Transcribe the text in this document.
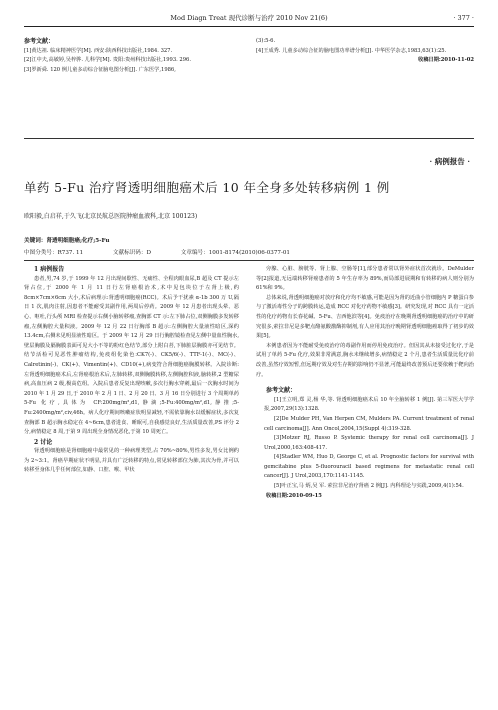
Mod Diagn Treat 现代诊断与治疗 2010 Nov 21(6)	· 377 ·

参考文献：

[1]黄达祖. 临床精神医学[M]. 西安:陕西科技出版社,1984. 327.

[2]江中夫,高敏婷,吴梓骅. 儿科学[M]. 贵阳:贵州科技出版社,1993. 296.

[3]罗新舜. 120 例儿童多动综合征脑电图分析[J]. 广东医学,1986,

(3):5-6.

[4]王成秀. 儿童多动综合征的脑电图功率谱分析[J]. 中华医学杂志,1983,63(1):25.

收稿日期:2010-11-02

· 病例报告 ·
单药 5-Fu 治疗肾透明细胞癌术后 10 年全身多处转移病例 1 例
欧阳毅,白启祥,于久飞(北京民航总医院肿瘤血液科,北京 100123)
关键词：肾透明细胞癌;化疗;5-Fu
中图分类号：R737. 11	文献标识码：D	文章编号：1001-8174(2010)06-0377-01

1 病例报告

患者,男,74 岁,于 1999 年 12 月出现间歇性、无痛性、全程肉眼血尿,B 超及 CT 提示左肾占位,于 2000 年 1 月 11 日行左肾癌根治术,术中见包块位于左肾上极,约 8cm×7cm×6cm 大小,术后病理示:肾透明细胞癌(RCC)。术后予干扰素 α-1b 300 万 U,隔日 1 次,肌肉注射,因患者不能耐受其副作用,两周后停药。2009 年 12 月患者出现头晕、恶心、呕吐,行头颅 MRI 检查提示右侧小脑转移瘤,查胸部 CT 示:左下肺占位,双侧胸膜多发转移瘤,左侧胸腔大量积液。2009 年 12 月 22 日行胸部 B 超示:左侧胸腔大量液性暗区,深约 13.4cm,右侧未见明显液性暗区。于 2009 年 12 月 29 日行胸腔镜检查见左侧中量血性胸水,壁层胸膜及膈胸膜表面可见大小不等的粉红色结节,部分上附白苔,下肺脏层胸膜亦可见结节。结节活检可见恶性肿瘤结构,免疫组化染色:CK7(-)、CK5/6(-)、TTF-1(-)、MC(-)、Calretinin(-)、CK(+)、Vimentin(+)、CD10(+),病变符合肾细胞癌胸膜转移。入院诊断:左肾透明细胞癌术后,左肾癌根治术后,左肺转移,双侧胸膜转移,左侧胸腔积液,脑转移,2 型糖尿病,高血压病 2 级,极高危组。入院后患者反复出现咳嗽,多次行胸水穿刺,最后一次胸水时间为 2010 年 1 月 29 日,于 2010 年 2 月 1 日、2 月 20 日、3 月 16 日分别进行 3 个周期单药 5-Fu 化疗,具体为 CF:200mg/m²,d1,静滴;5-Fu:400mg/m²,d1,静推;5-Fu:2400mg/m²,civ,46h。病人化疗期间咳嗽症状明显减轻,不需依靠胸水以缓解症状,多次复查胸部 B 超示胸水稳定在 4~6cm,患者进食、睡眠可,自我感觉良好,生活质量改善,PS 评分 2 分,病情稳定 8 周,于第 9 周出现全身情况恶化,于第 10 周死亡。

2 讨论

肾透明细胞癌是肾细胞癌中最常见的一种病理类型,占 70%~80%,男性多发,男女比例约为 2~3:1。肾癌早期症状不明显,并具有广泛转移的特点,常见转移部位为肺,其次为骨,并可以转移至身体几乎任何部位,如静、口腔、喉、甲状

旁腺、心脏、膀胱等、肾上腺、空肠等[1],部分患者常以肾外症状首次就诊。DeMulder 等[2]报道,无远端转移肾癌患者的 5 年生存率为 89%,而局部进展期和有转移的病人则分别为 61%和 9%。

总体来说,肾透明细胞癌对放疗和化疗均不敏感,可能是因为肾的近曲小管细胞内 P 糖蛋白参与了激活毒性分子的跨膜转运,造成 RCC 对化疗药物不敏感[3]。研究发现,对 RCC 具有一定活性的化疗药物有长春花碱、5-Fu、吉西他滨等[4]。免疫治疗在晚期肾透明细胞癌的治疗中的研究很多,索拉非尼是多靶点酪氨酸激酶抑制剂,有人应用其治疗晚期肾透明细胞癌取得了初步的效果[5]。

本例患者因为不能耐受免疫治疗的毒副作用而停用免疫治疗。但因其从未接受过化疗,于是试用了单药 5-Fu 化疗,效果非常满意,胸水未继续增多,病情稳定 2 个月,患者生活质量比化疗前改善,虽然疗效短暂,但远期疗效及对生存期的影响仍不显著,可能最终改善预后还要依赖于靶向治疗。

参考文献：

[1]王立明,郑 灵,杨 华,等. 肾透明细胞癌术后 10 年全脑转移 1 例[J]. 第三军医大学学报,2007,29(13):1328.

[2]De Mulder PH, Van Herpen CM, Mulders PA. Current treatment of renal cell carcinoma[J]. Ann Oncol,2004,15(Suppl 4):319-328.

[3]Motzer RJ, Russo P. Systemic therapy for renal cell carcinoma[J]. J Urol,2000,163:408-417.

[4]Stadler WM, Huo D, George C, et al. Prognostic factors for survival with gemcitabine plus 5-fluorouracil based regimens for metastatic renal cell cancer[J]. J Urol,2003,170:1141-1145.

[5]叶正宝,马 炳,吴 军. 索拉非尼治疗肾癌 2 例[J]. 内科理论与实践,2009,4(1):54.

收稿日期:2010-09-15
